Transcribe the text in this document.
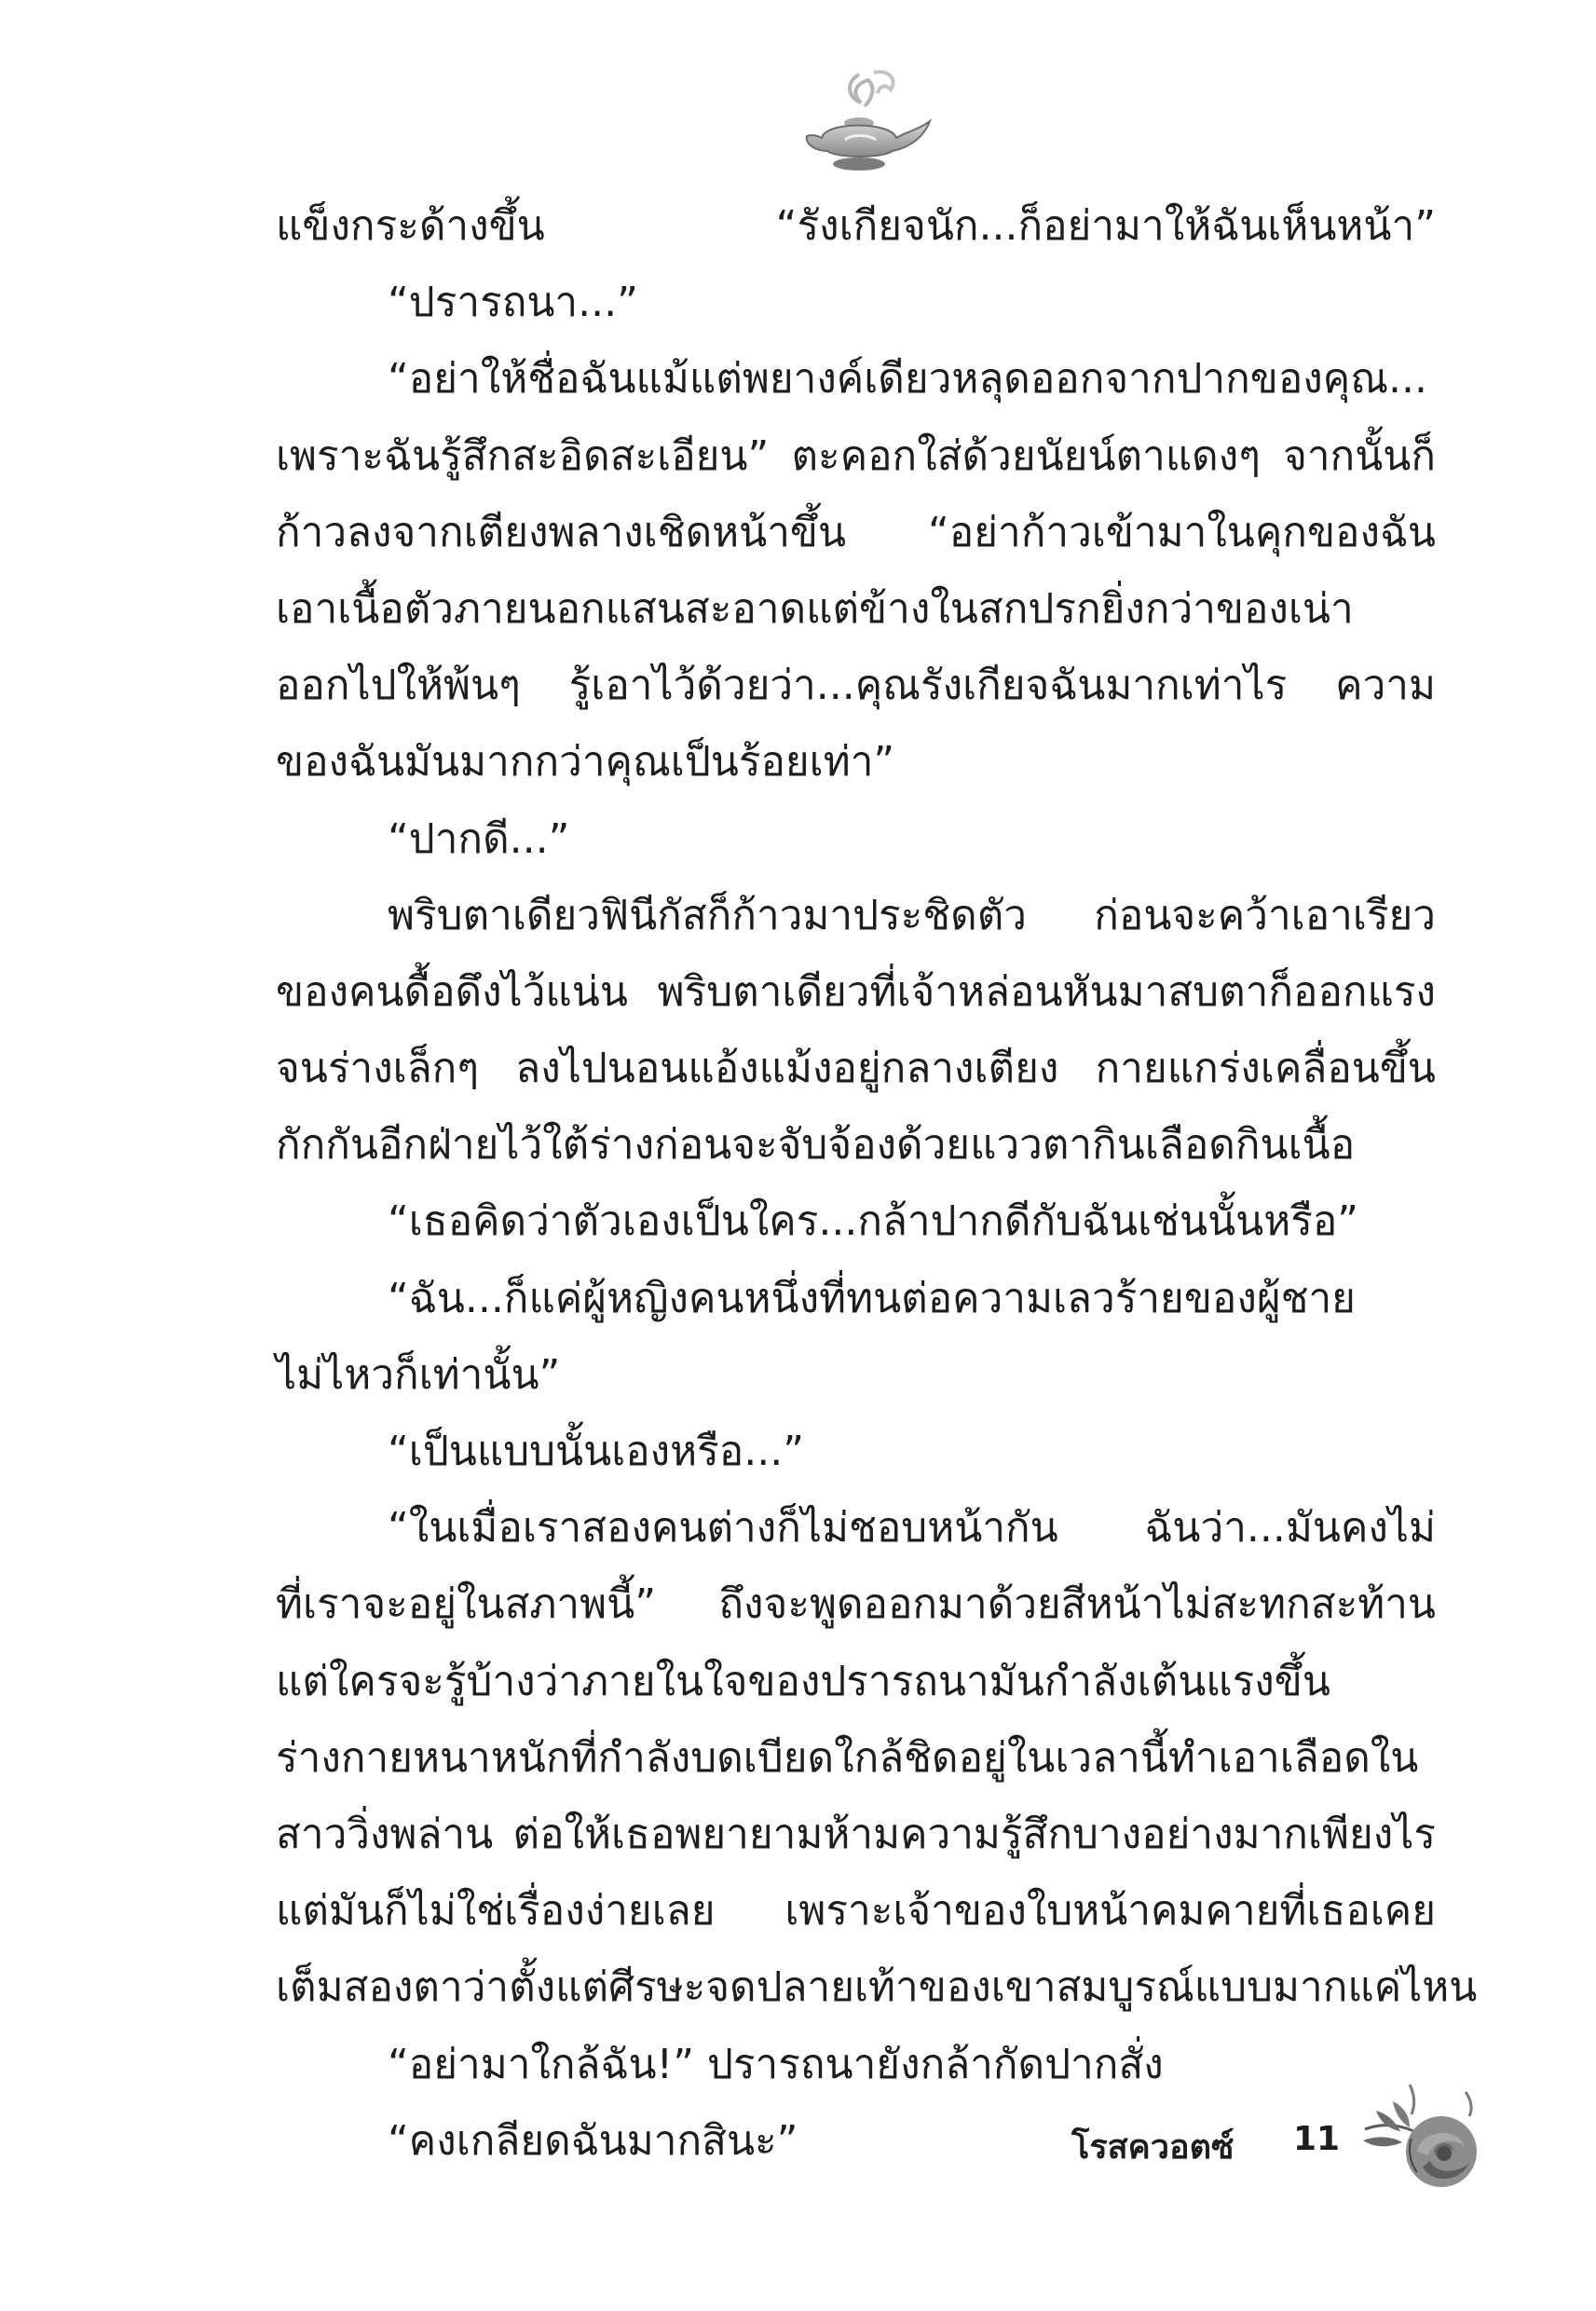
แข็งกระด้างขึ้น “รังเกียจนัก...ก็อย่ามาให้ฉันเห็นหน้า”
“ปรารถนา...”
“อย่าให้ชื่อฉันแม้แต่พยางค์เดียวหลุดออกจากปากของคุณ...
เพราะฉันรู้สึกสะอิดสะเอียน” ตะคอกใส่ด้วยนัยน์ตาแดงๆ จากนั้นก็
ก้าวลงจากเตียงพลางเชิดหน้าขึ้น “อย่าก้าวเข้ามาในคุกของฉัน
เอาเนื้อตัวภายนอกแสนสะอาดแต่ข้างในสกปรกยิ่งกว่าของเน่า
ออกไปให้พ้นๆ รู้เอาไว้ด้วยว่า...คุณรังเกียจฉันมากเท่าไร ความ
ของฉันมันมากกว่าคุณเป็นร้อยเท่า”
“ปากดี...”
พริบตาเดียวฟินีกัสก็ก้าวมาประชิดตัว ก่อนจะคว้าเอาเรียว
ของคนดื้อดึงไว้แน่น พริบตาเดียวที่เจ้าหล่อนหันมาสบตาก็ออกแรง
จนร่างเล็กๆ ลงไปนอนแอ้งแม้งอยู่กลางเตียง กายแกร่งเคลื่อนขึ้น
กักกันอีกฝ่ายไว้ใต้ร่างก่อนจะจับจ้องด้วยแววตากินเลือดกินเนื้อ
“เธอคิดว่าตัวเองเป็นใคร...กล้าปากดีกับฉันเช่นนั้นหรือ”
“ฉัน...ก็แค่ผู้หญิงคนหนึ่งที่ทนต่อความเลวร้ายของผู้ชาย
ไม่ไหวก็เท่านั้น”
“เป็นแบบนั้นเองหรือ...”
“ในเมื่อเราสองคนต่างก็ไม่ชอบหน้ากัน ฉันว่า...มันคงไม่
ที่เราจะอยู่ในสภาพนี้” ถึงจะพูดออกมาด้วยสีหน้าไม่สะทกสะท้าน
แต่ใครจะรู้บ้างว่าภายในใจของปรารถนามันกำลังเต้นแรงขึ้น
ร่างกายหนาหนักที่กำลังบดเบียดใกล้ชิดอยู่ในเวลานี้ทำเอาเลือดใน
สาววิ่งพล่าน ต่อให้เธอพยายามห้ามความรู้สึกบางอย่างมากเพียงไร
แต่มันก็ไม่ใช่เรื่องง่ายเลย เพราะเจ้าของใบหน้าคมคายที่เธอเคย
เต็มสองตาว่าตั้งแต่ศีรษะจดปลายเท้าของเขาสมบูรณ์แบบมากแค่ไหน
“อย่ามาใกล้ฉัน!” ปรารถนายังกล้ากัดปากสั่ง
“คงเกลียดฉันมากสินะ”	โรสควอตซ์ 11
